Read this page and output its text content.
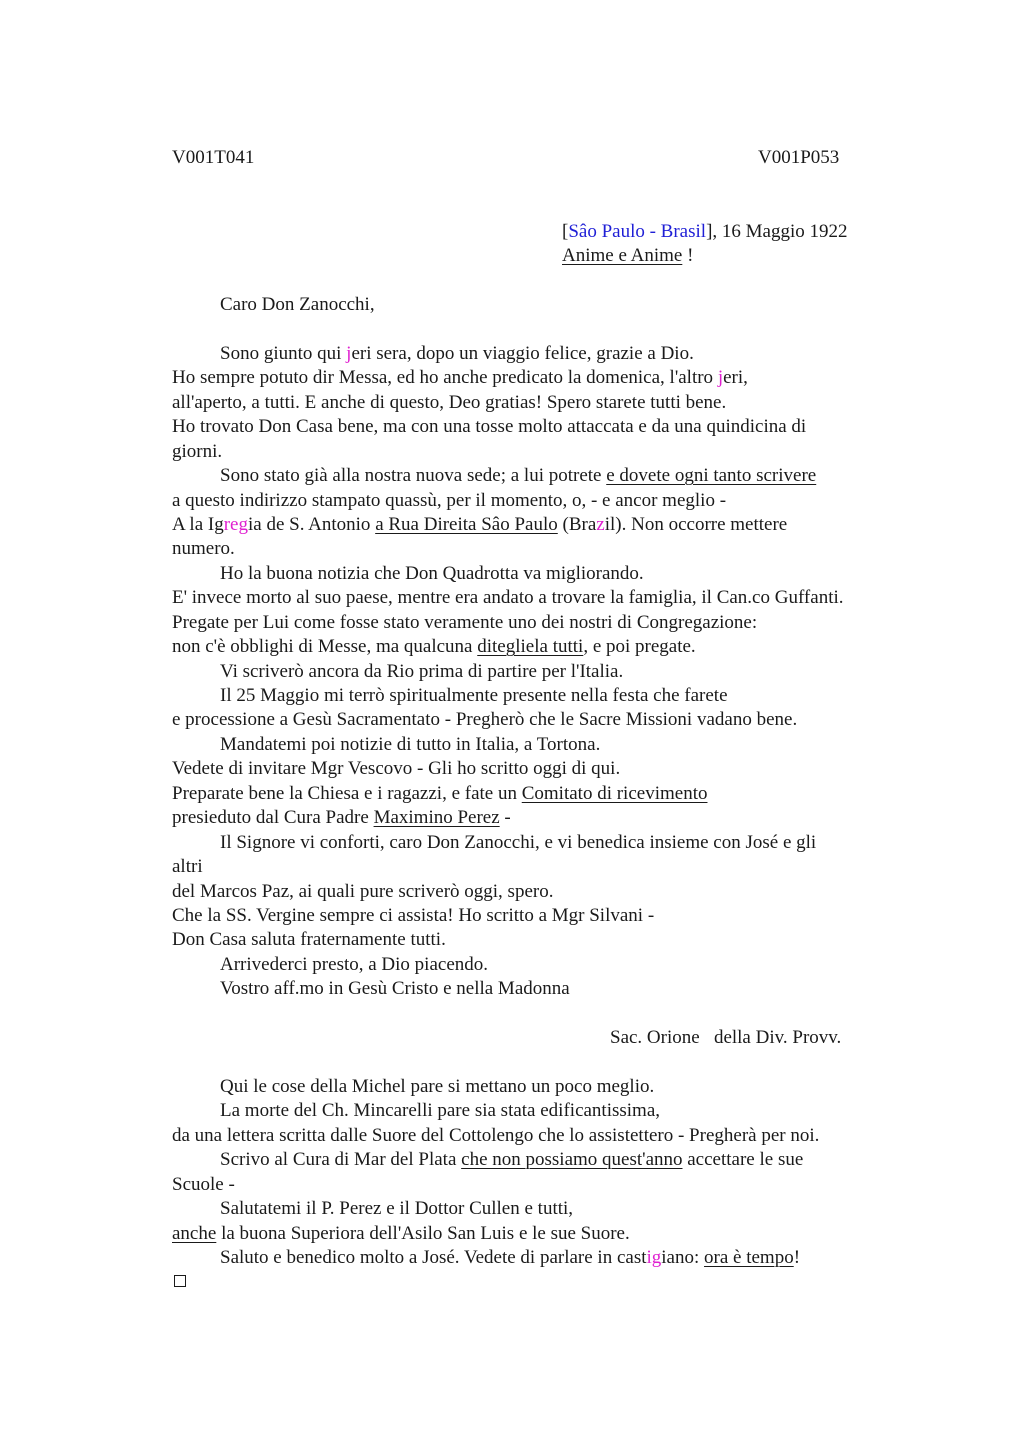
V001T041	V001P053
[Sâo Paulo - Brasil], 16 Maggio 1922
Anime e Anime !
Caro Don Zanocchi,
Sono giunto qui jeri sera, dopo un viaggio felice, grazie a Dio.
Ho sempre potuto dir Messa, ed ho anche predicato la domenica, l'altro jeri,
all'aperto, a tutti. E anche di questo, Deo gratias! Spero starete tutti bene.
Ho trovato Don Casa bene, ma con una tosse molto attaccata e da una quindicina di
giorni.
Sono stato già alla nostra nuova sede; a lui potrete e dovete ogni tanto scrivere
a questo indirizzo stampato quassù, per il momento, o, - e ancor meglio -
A la Igregia de S. Antonio a Rua Direita Sâo Paulo (Brazil). Non occorre mettere
numero.
Ho la buona notizia che Don Quadrotta va migliorando.
E' invece morto al suo paese, mentre era andato a trovare la famiglia, il Can.co Guffanti.
Pregate per Lui come fosse stato veramente uno dei nostri di Congregazione:
non c'è obblighi di Messe, ma qualcuna ditegliela tutti, e poi pregate.
Vi scriverò ancora da Rio prima di partire per l'Italia.
Il 25 Maggio mi terrò spiritualmente presente nella festa che farete
e processione a Gesù Sacramentato - Pregherò che le Sacre Missioni vadano bene.
Mandatemi poi notizie di tutto in Italia, a Tortona.
Vedete di invitare Mgr Vescovo - Gli ho scritto oggi di qui.
Preparate bene la Chiesa e i ragazzi, e fate un Comitato di ricevimento
presieduto dal Cura Padre Maximino Perez -
Il Signore vi conforti, caro Don Zanocchi, e vi benedica insieme con José e gli
altri
del Marcos Paz, ai quali pure scriverò oggi, spero.
Che la SS. Vergine sempre ci assista! Ho scritto a Mgr Silvani -
Don Casa saluta fraternamente tutti.
Arrivederci presto, a Dio piacendo.
Vostro aff.mo in Gesù Cristo e nella Madonna
Sac. Orione   della Div. Provv.
Qui le cose della Michel pare si mettano un poco meglio.
La morte del Ch. Mincarelli pare sia stata edificantissima,
da una lettera scritta dalle Suore del Cottolengo che lo assistettero - Pregherà per noi.
Scrivo al Cura di Mar del Plata che non possiamo quest'anno accettare le sue
Scuole -
Salutatemi il P. Perez e il Dottor Cullen e tutti,
anche la buona Superiora dell'Asilo San Luis e le sue Suore.
Saluto e benedico molto a José. Vedete di parlare in castigiano: ora è tempo!
